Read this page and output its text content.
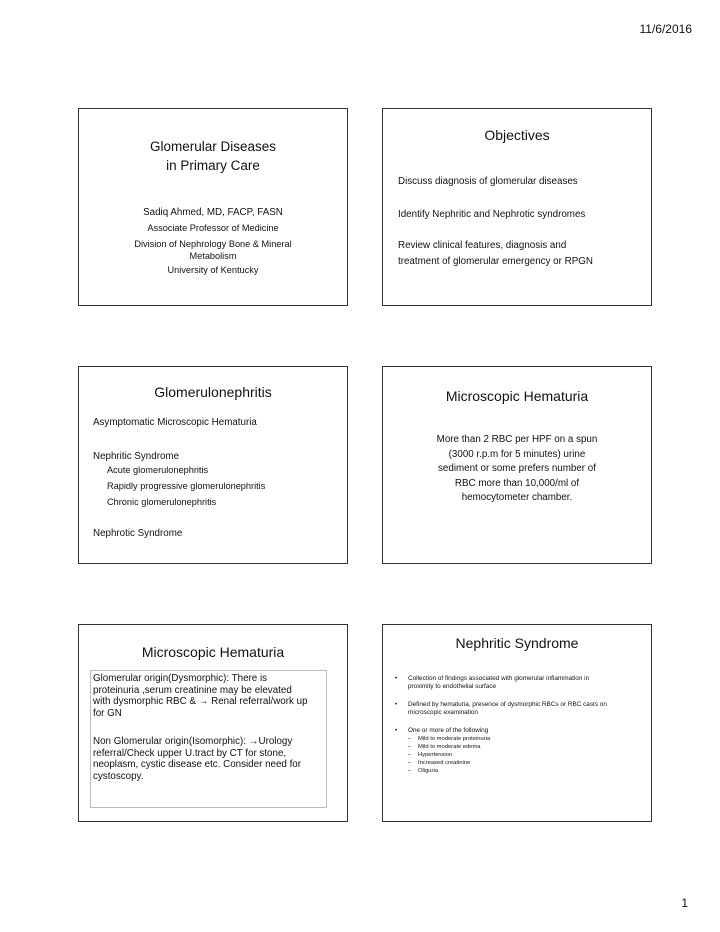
11/6/2016
Glomerular Diseases
in Primary Care
Sadiq Ahmed, MD, FACP, FASN
Associate Professor of Medicine
Division of Nephrology Bone & Mineral
Metabolism
University of Kentucky
Objectives
Discuss diagnosis of glomerular diseases
Identify Nephritic and Nephrotic syndromes
Review clinical features, diagnosis and
treatment of glomerular emergency or RPGN
Glomerulonephritis
Asymptomatic Microscopic Hematuria
Nephritic Syndrome
Acute glomerulonephritis
Rapidly progressive glomerulonephritis
Chronic glomerulonephritis
Nephrotic Syndrome
Microscopic Hematuria
More than 2 RBC per HPF on a spun
(3000 r.p.m for 5 minutes) urine
sediment or some prefers number of
RBC more than 10,000/ml of
hemocytometer chamber.
Microscopic Hematuria
Glomerular origin(Dysmorphic): There is
proteinuria ,serum creatinine may be elevated
with dysmorphic RBC & → Renal referral/work up
for GN
Non Glomerular origin(Isomorphic): →Urology
referral/Check upper U.tract by CT for stone,
neoplasm, cystic disease etc. Consider need for
cystoscopy.
Nephritic Syndrome
•	Collection of findings associated with glomerular inflammation in
proximity to endothelial surface
•	Defined by hematuria, presence of dysmorphic RBCs or RBC casts on
microscopic examination
•	One or more of the following
–	Mild to moderate proteinuria
–	Mild to moderate edema
–	Hypertension
–	Increased creatinine
–	Oliguria
1
